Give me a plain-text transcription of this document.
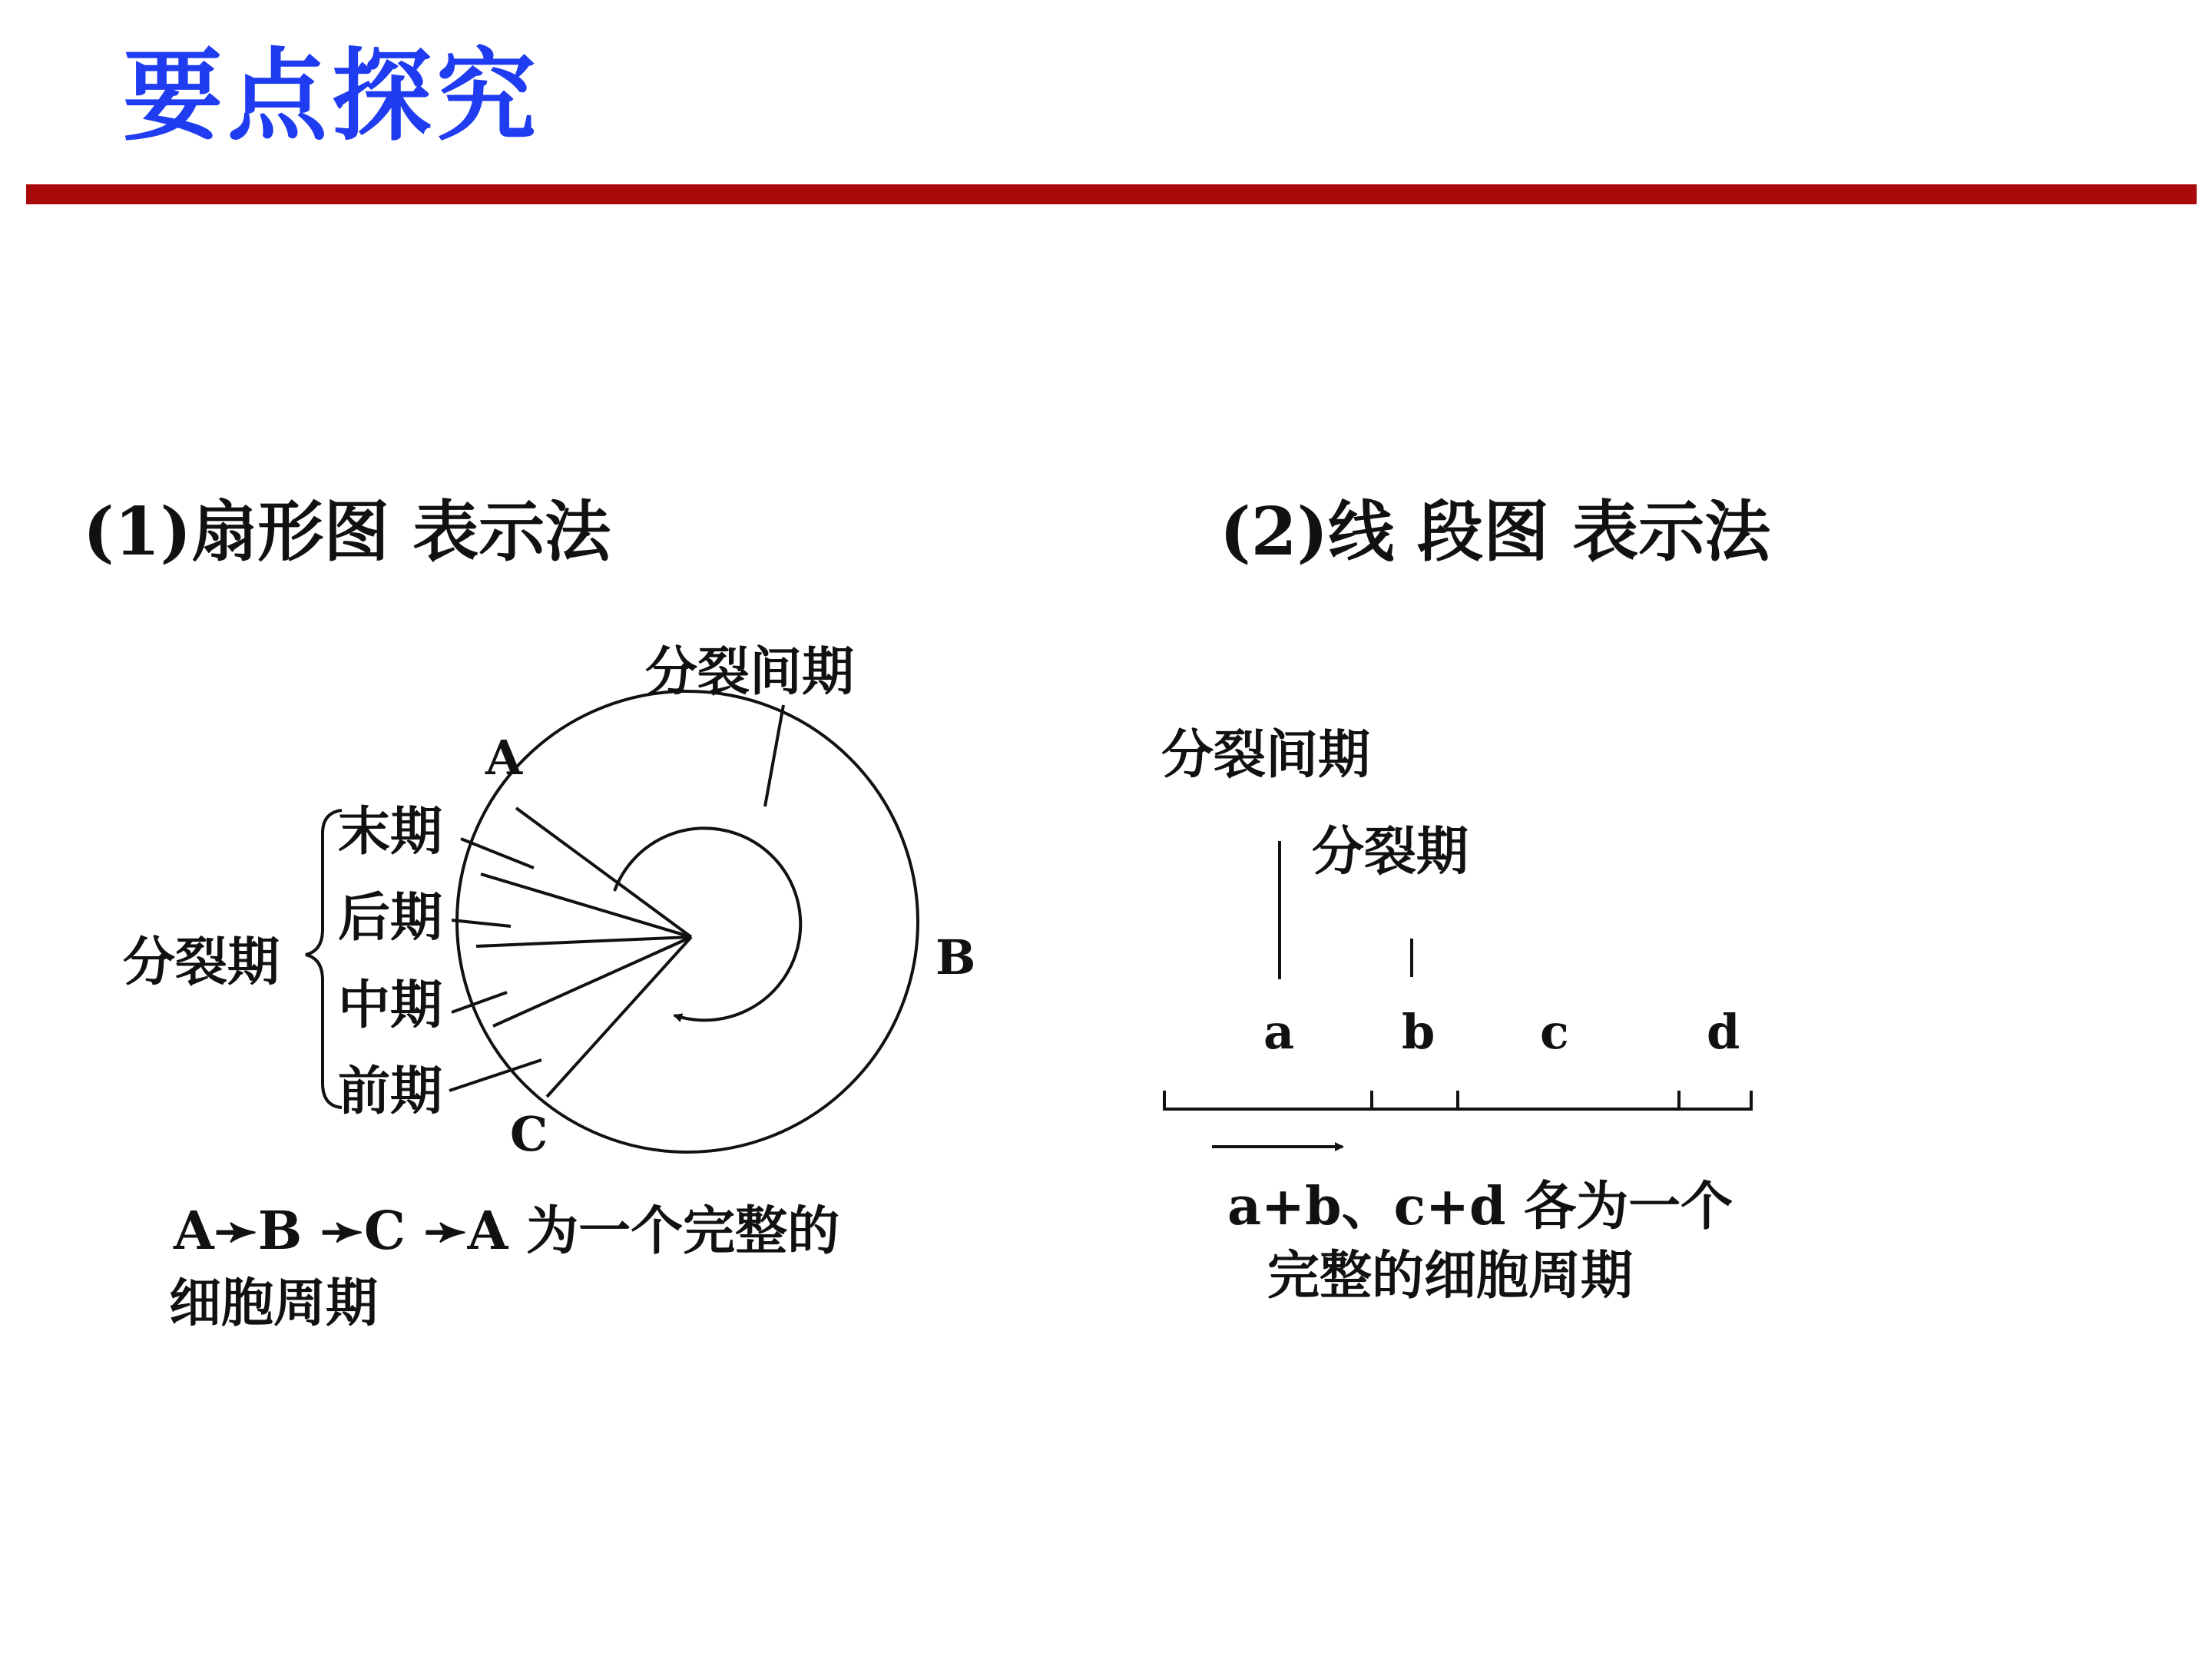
要点探究
(1)扇形图 表示法	(2)线 段图 表示法
分裂间期
A
B
C
分裂期
末期
后期
中期
前期
A➛B ➛C ➛A 为一个完整的
细胞周期
分裂间期
分裂期
a b c	d
a+b、c+d 各为一个
完整的细胞周期
